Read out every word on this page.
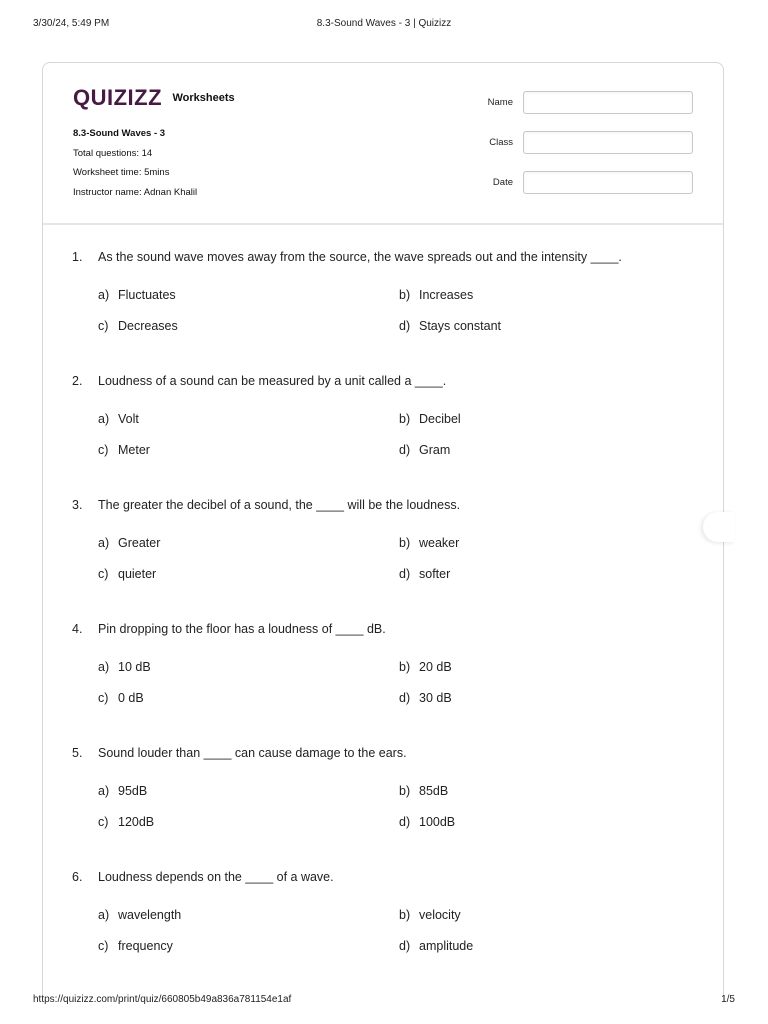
3/30/24, 5:49 PM	8.3-Sound Waves - 3 | Quizizz
QUIZIZZ Worksheets
8.3-Sound Waves - 3
Total questions: 14
Worksheet time: 5mins
Instructor name: Adnan Khalil
Name
Class
Date
1. As the sound wave moves away from the source, the wave spreads out and the intensity ____.
a) Fluctuates	b) Increases
c) Decreases	d) Stays constant
2. Loudness of a sound can be measured by a unit called a ____.
a) Volt	b) Decibel
c) Meter	d) Gram
3. The greater the decibel of a sound, the ____ will be the loudness.
a) Greater	b) weaker
c) quieter	d) softer
4. Pin dropping to the floor has a loudness of ____ dB.
a) 10 dB	b) 20 dB
c) 0 dB	d) 30 dB
5. Sound louder than ____ can cause damage to the ears.
a) 95dB	b) 85dB
c) 120dB	d) 100dB
6. Loudness depends on the ____ of a wave.
a) wavelength	b) velocity
c) frequency	d) amplitude
https://quizizz.com/print/quiz/660805b49a836a781154e1af	1/5
